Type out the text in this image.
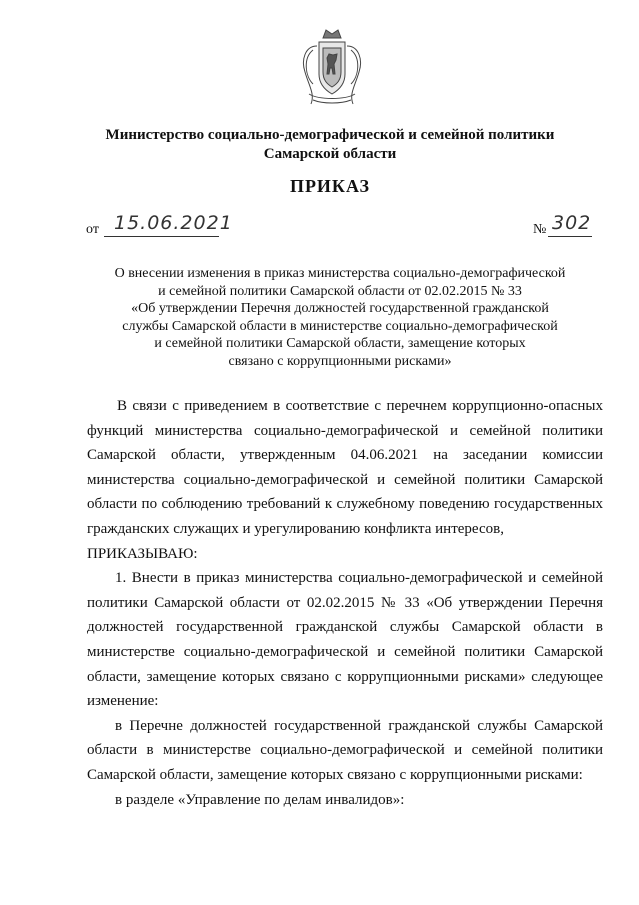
Министерство социально-демографической и семейной политики
Самарской области
ПРИКАЗ
от 15.06.2021	№ 302
О внесении изменения в приказ министерства социально-демографической
и семейной политики Самарской области от 02.02.2015 № 33
«Об утверждении Перечня должностей государственной гражданской
службы Самарской области в министерстве социально-демографической
и семейной политики Самарской области, замещение которых
связано с коррупционными рисками»

В связи с приведением в соответствие с перечнем коррупционно-опасных функций министерства социально-демографической и семейной политики Самарской области, утвержденным 04.06.2021 на заседании комиссии министерства социально-демографической и семейной политики Самарской области по соблюдению требований к служебному поведению государственных гражданских служащих и урегулированию конфликта интересов,

ПРИКАЗЫВАЮ:

1. Внести в приказ министерства социально-демографической и семейной политики Самарской области от 02.02.2015 № 33 «Об утверждении Перечня должностей государственной гражданской службы Самарской области в министерстве социально-демографической и семейной политики Самарской области, замещение которых связано с коррупционными рисками» следующее изменение:

в Перечне должностей государственной гражданской службы Самарской области в министерстве социально-демографической и семейной политики Самарской области, замещение которых связано с коррупционными рисками:

в разделе «Управление по делам инвалидов»:
